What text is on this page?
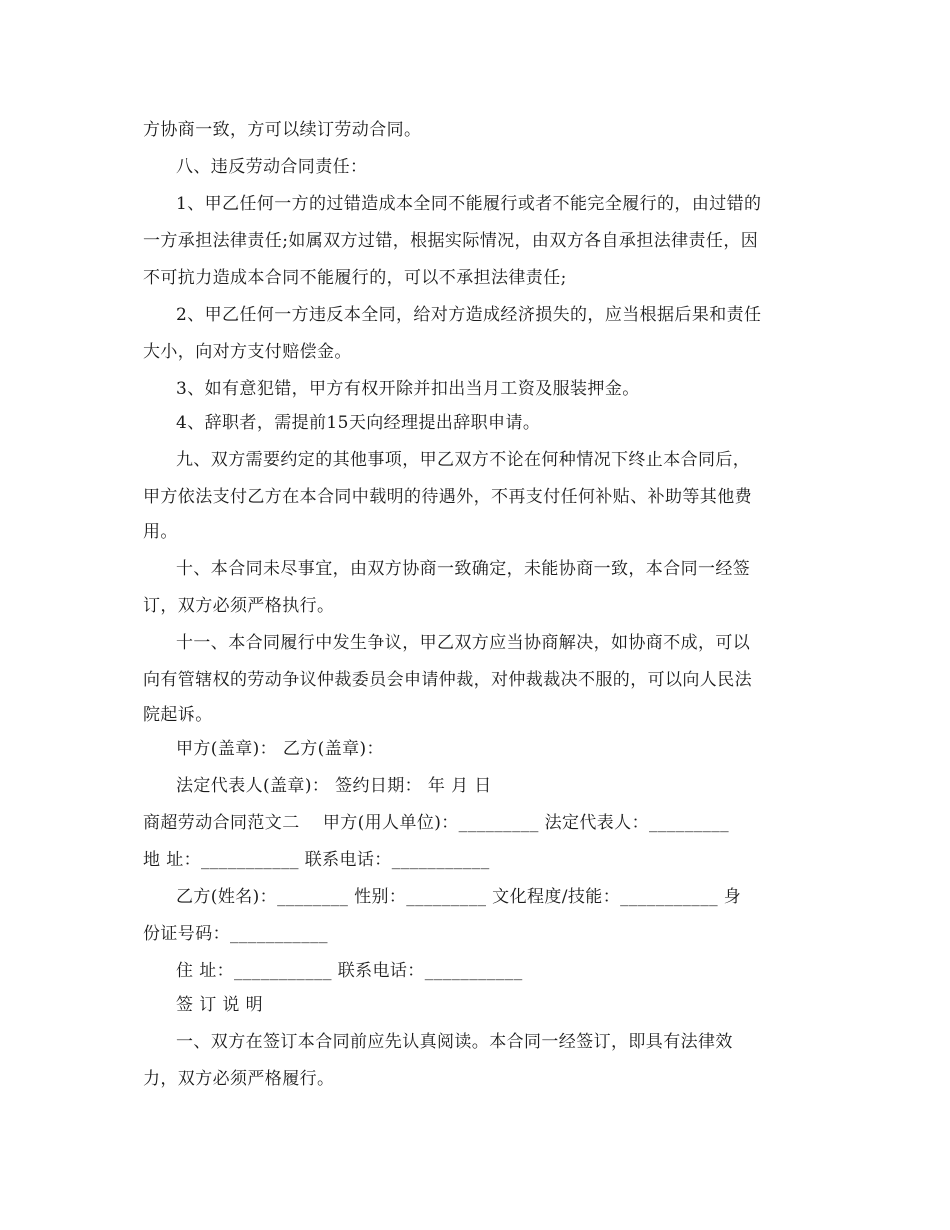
方协商一致，方可以续订劳动合同。
八、违反劳动合同责任：
1、甲乙任何一方的过错造成本全同不能履行或者不能完全履行的，由过错的
一方承担法律责任;如属双方过错，根据实际情况，由双方各自承担法律责任，因
不可抗力造成本合同不能履行的，可以不承担法律责任;
2、甲乙任何一方违反本全同，给对方造成经济损失的，应当根据后果和责任
大小，向对方支付赔偿金。
3、如有意犯错，甲方有权开除并扣出当月工资及服装押金。
4、辞职者，需提前15天向经理提出辞职申请。
九、双方需要约定的其他事项，甲乙双方不论在何种情况下终止本合同后，
甲方依法支付乙方在本合同中载明的待遇外，不再支付任何补贴、补助等其他费
用。
十、本合同未尽事宜，由双方协商一致确定，未能协商一致，本合同一经签
订，双方必须严格执行。
十一、本合同履行中发生争议，甲乙双方应当协商解决，如协商不成，可以
向有管辖权的劳动争议仲裁委员会申请仲裁，对仲裁裁决不服的，可以向人民法
院起诉。
甲方(盖章)： 乙方(盖章)：
法定代表人(盖章)： 签约日期： 年 月 日
商超劳动合同范文二    甲方(用人单位)：_________ 法定代表人：_________
地 址：___________ 联系电话：___________
乙方(姓名)：________ 性别：_________ 文化程度/技能：___________ 身
份证号码：___________
住 址：___________ 联系电话：___________
签 订 说 明
一、双方在签订本合同前应先认真阅读。本合同一经签订，即具有法律效
力，双方必须严格履行。
